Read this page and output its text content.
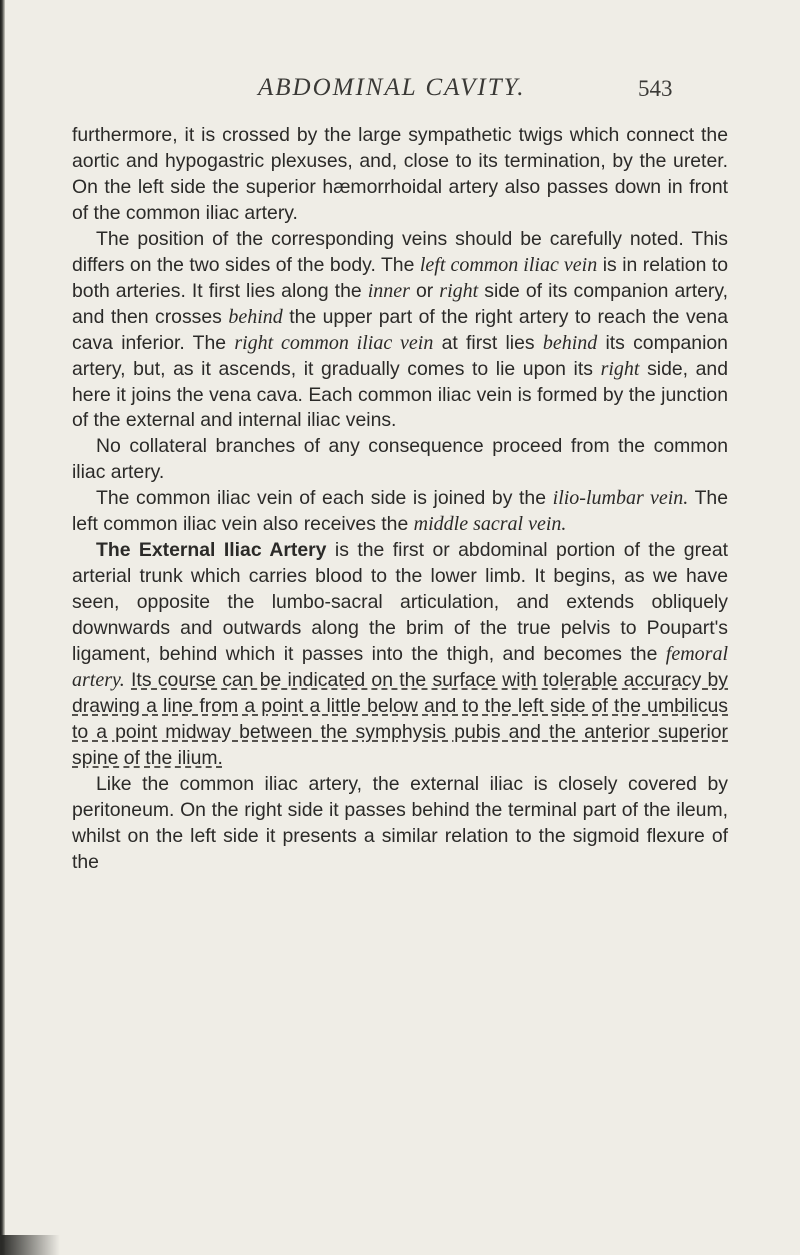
ABDOMINAL CAVITY.	543

furthermore, it is crossed by the large sympathetic twigs which connect the aortic and hypogastric plexuses, and, close to its termination, by the ureter. On the left side the superior hæmorrhoidal artery also passes down in front of the common iliac artery.

The position of the corresponding veins should be carefully noted. This differs on the two sides of the body. The left common iliac vein is in relation to both arteries. It first lies along the inner or right side of its companion artery, and then crosses behind the upper part of the right artery to reach the vena cava inferior. The right common iliac vein at first lies behind its companion artery, but, as it ascends, it gradually comes to lie upon its right side, and here it joins the vena cava. Each common iliac vein is formed by the junction of the external and internal iliac veins.

No collateral branches of any consequence proceed from the common iliac artery.

The common iliac vein of each side is joined by the ilio-lumbar vein. The left common iliac vein also receives the middle sacral vein.

The External Iliac Artery is the first or abdominal portion of the great arterial trunk which carries blood to the lower limb. It begins, as we have seen, opposite the lumbo-sacral articulation, and extends obliquely downwards and outwards along the brim of the true pelvis to Poupart's ligament, behind which it passes into the thigh, and becomes the femoral artery. Its course can be indicated on the surface with tolerable accuracy by drawing a line from a point a little below and to the left side of the umbilicus to a point midway between the symphysis pubis and the anterior superior spine of the ilium.

Like the common iliac artery, the external iliac is closely covered by peritoneum. On the right side it passes behind the terminal part of the ileum, whilst on the left side it presents a similar relation to the sigmoid flexure of the
